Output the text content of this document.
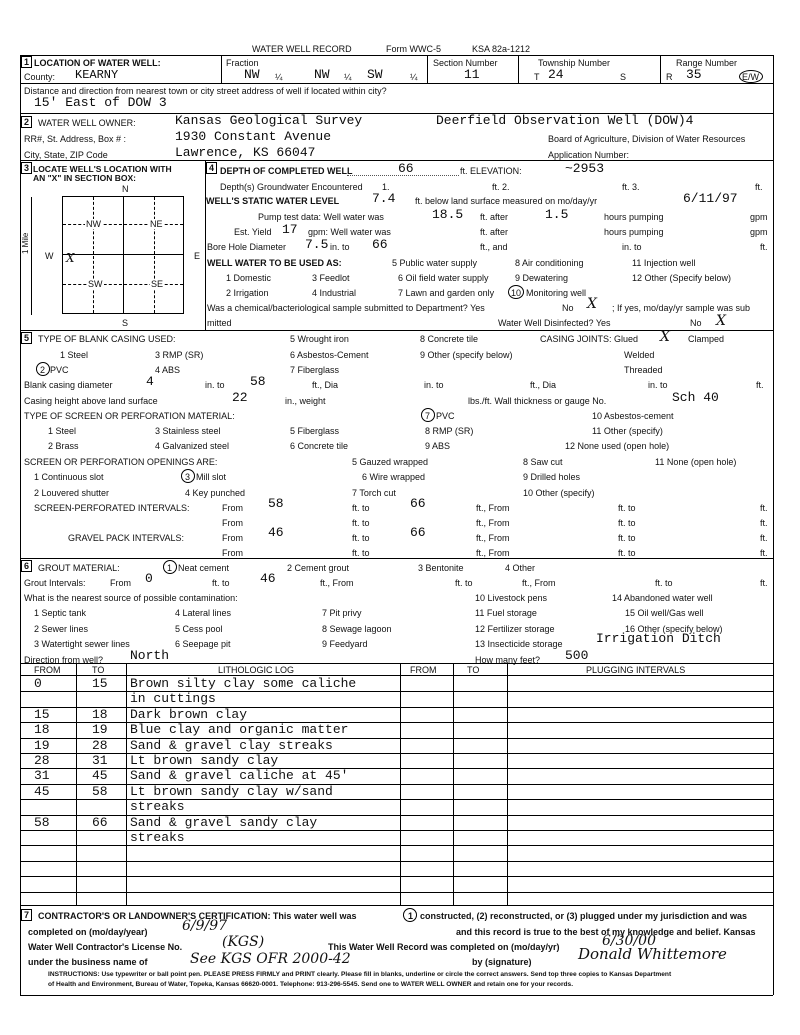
WATER WELL RECORD	Form WWC-5	KSA 82a-1212
1 LOCATION OF WATER WELL:	Fraction	Section Number	Township Number	Range Number
County: KEARNY	NW ¼ NW ¼ SW	¼	11	T 24	S	R 35	E/W
Distance and direction from nearest town or city street address of well if located within city?
15' East of DOW 3
2	WATER WELL OWNER:	Kansas Geological Survey	Deerfield Observation Well (DOW)4
RR#, St. Address, Box # :	1930 Constant Avenue	Board of Agriculture, Division of Water Resources
City, State, ZIP Code	Lawrence, KS 66047	Application Number:
3 LOCATE WELL'S LOCATION WITH
AN "X" IN SECTION BOX:
N
S
W	E
1 Mile
NW	NE
SW	SE
X
4 DEPTH OF COMPLETED WELL	66	ft. ELEVATION:	~2953
Depth(s) Groundwater Encountered 1.	ft. 2.	ft. 3.	ft.
WELL'S STATIC WATER LEVEL	7.4 ft. below land surface measured on mo/day/yr	6/11/97
Pump test data: Well water was	18.5 ft. after	1.5	hours pumping	gpm
Est. Yield 17 gpm: Well water was	ft. after	hours pumping	gpm
Bore Hole Diameter 7.5 in. to 66	ft., and	in. to	ft.
WELL WATER TO BE USED AS:	5 Public water supply	8 Air conditioning	11 Injection well
1 Domestic	3 Feedlot	6 Oil field water supply	9 Dewatering	12 Other (Specify below)
2 Irrigation	4 Industrial	7 Lawn and garden only 10 Monitoring well
Was a chemical/bacteriological sample submitted to Department? Yes	No X ; If yes, mo/day/yr sample was sub
mitted	Water Well Disinfected? Yes	No X
5	TYPE OF BLANK CASING USED:	5 Wrought iron	8 Concrete tile	CASING JOINTS: Glued X Clamped
1 Steel	3 RMP (SR)	6 Asbestos-Cement	9 Other (specify below)	Welded
2 PVC	4 ABS	7 Fiberglass	Threaded
Blank casing diameter	4	in. to 58	ft., Dia	in. to	ft., Dia	in. to	ft.
Casing height above land surface	22	in., weight	lbs./ft. Wall thickness or gauge No.	Sch 40
TYPE OF SCREEN OR PERFORATION MATERIAL:	7 PVC	10 Asbestos-cement
1 Steel	3 Stainless steel	5 Fiberglass	8 RMP (SR)	11 Other (specify)
2 Brass	4 Galvanized steel	6 Concrete tile	9 ABS	12 None used (open hole)
SCREEN OR PERFORATION OPENINGS ARE:	5 Gauzed wrapped	8 Saw cut	11 None (open hole)
1 Continuous slot	3 Mill slot	6 Wire wrapped	9 Drilled holes
2 Louvered shutter	4 Key punched	7 Torch cut	10 Other (specify)
SCREEN-PERFORATED INTERVALS:	From 58	ft. to	66	ft., From	ft. to	ft.
From	ft. to	ft., From	ft. to	ft.
GRAVEL PACK INTERVALS:	From 46	ft. to	66	ft., From	ft. to	ft.
From	ft. to	ft., From	ft. to	ft.
6	GROUT MATERIAL:	1 Neat cement	2 Cement grout	3 Bentonite	4 Other
Grout Intervals:	From 0	ft. to 46	ft., From	ft. to	ft., From	ft. to	ft.
What is the nearest source of possible contamination:	10 Livestock pens	14 Abandoned water well
1 Septic tank	4 Lateral lines	7 Pit privy	11 Fuel storage	15 Oil well/Gas well
2 Sewer lines	5 Cess pool	8 Sewage lagoon	12 Fertilizer storage	16 Other (specify below)
3 Watertight sewer lines	6 Seepage pit	9 Feedyard	13 Insecticide storage	Irrigation Ditch
Direction from well? North	How many feet? 500
FROM	TO	LITHOLOGIC LOG	FROM	TO	PLUGGING INTERVALS
0	15 Brown silty clay some caliche
in cuttings
15	18 Dark brown clay
18	19 Blue clay and organic matter
19	28 Sand & gravel clay streaks
28	31 Lt brown sandy clay
31	45 Sand & gravel caliche at 45'
45	58 Lt brown sandy clay w/sand
streaks
58	66 Sand & gravel sandy clay
streaks
7	CONTRACTOR'S OR LANDOWNER'S CERTIFICATION: This water well was	1 constructed, (2) reconstructed, or (3) plugged under my jurisdiction and was
completed on (mo/day/year) 6/9/97	and this record is true to the best of my knowledge and belief. Kansas
Water Well Contractor's License No.	(KGS)	This Water Well Record was completed on (mo/day/yr)	6/30/00
under the business name of	See KGS OFR 2000-42	by (signature)	Donald Whittemore
INSTRUCTIONS: Use typewriter or ball point pen. PLEASE PRESS FIRMLY and PRINT clearly. Please fill in blanks, underline or circle the correct answers. Send top three copies to Kansas Department
of Health and Environment, Bureau of Water, Topeka, Kansas 66620-0001. Telephone: 913-296-5545. Send one to WATER WELL OWNER and retain one for your records.
